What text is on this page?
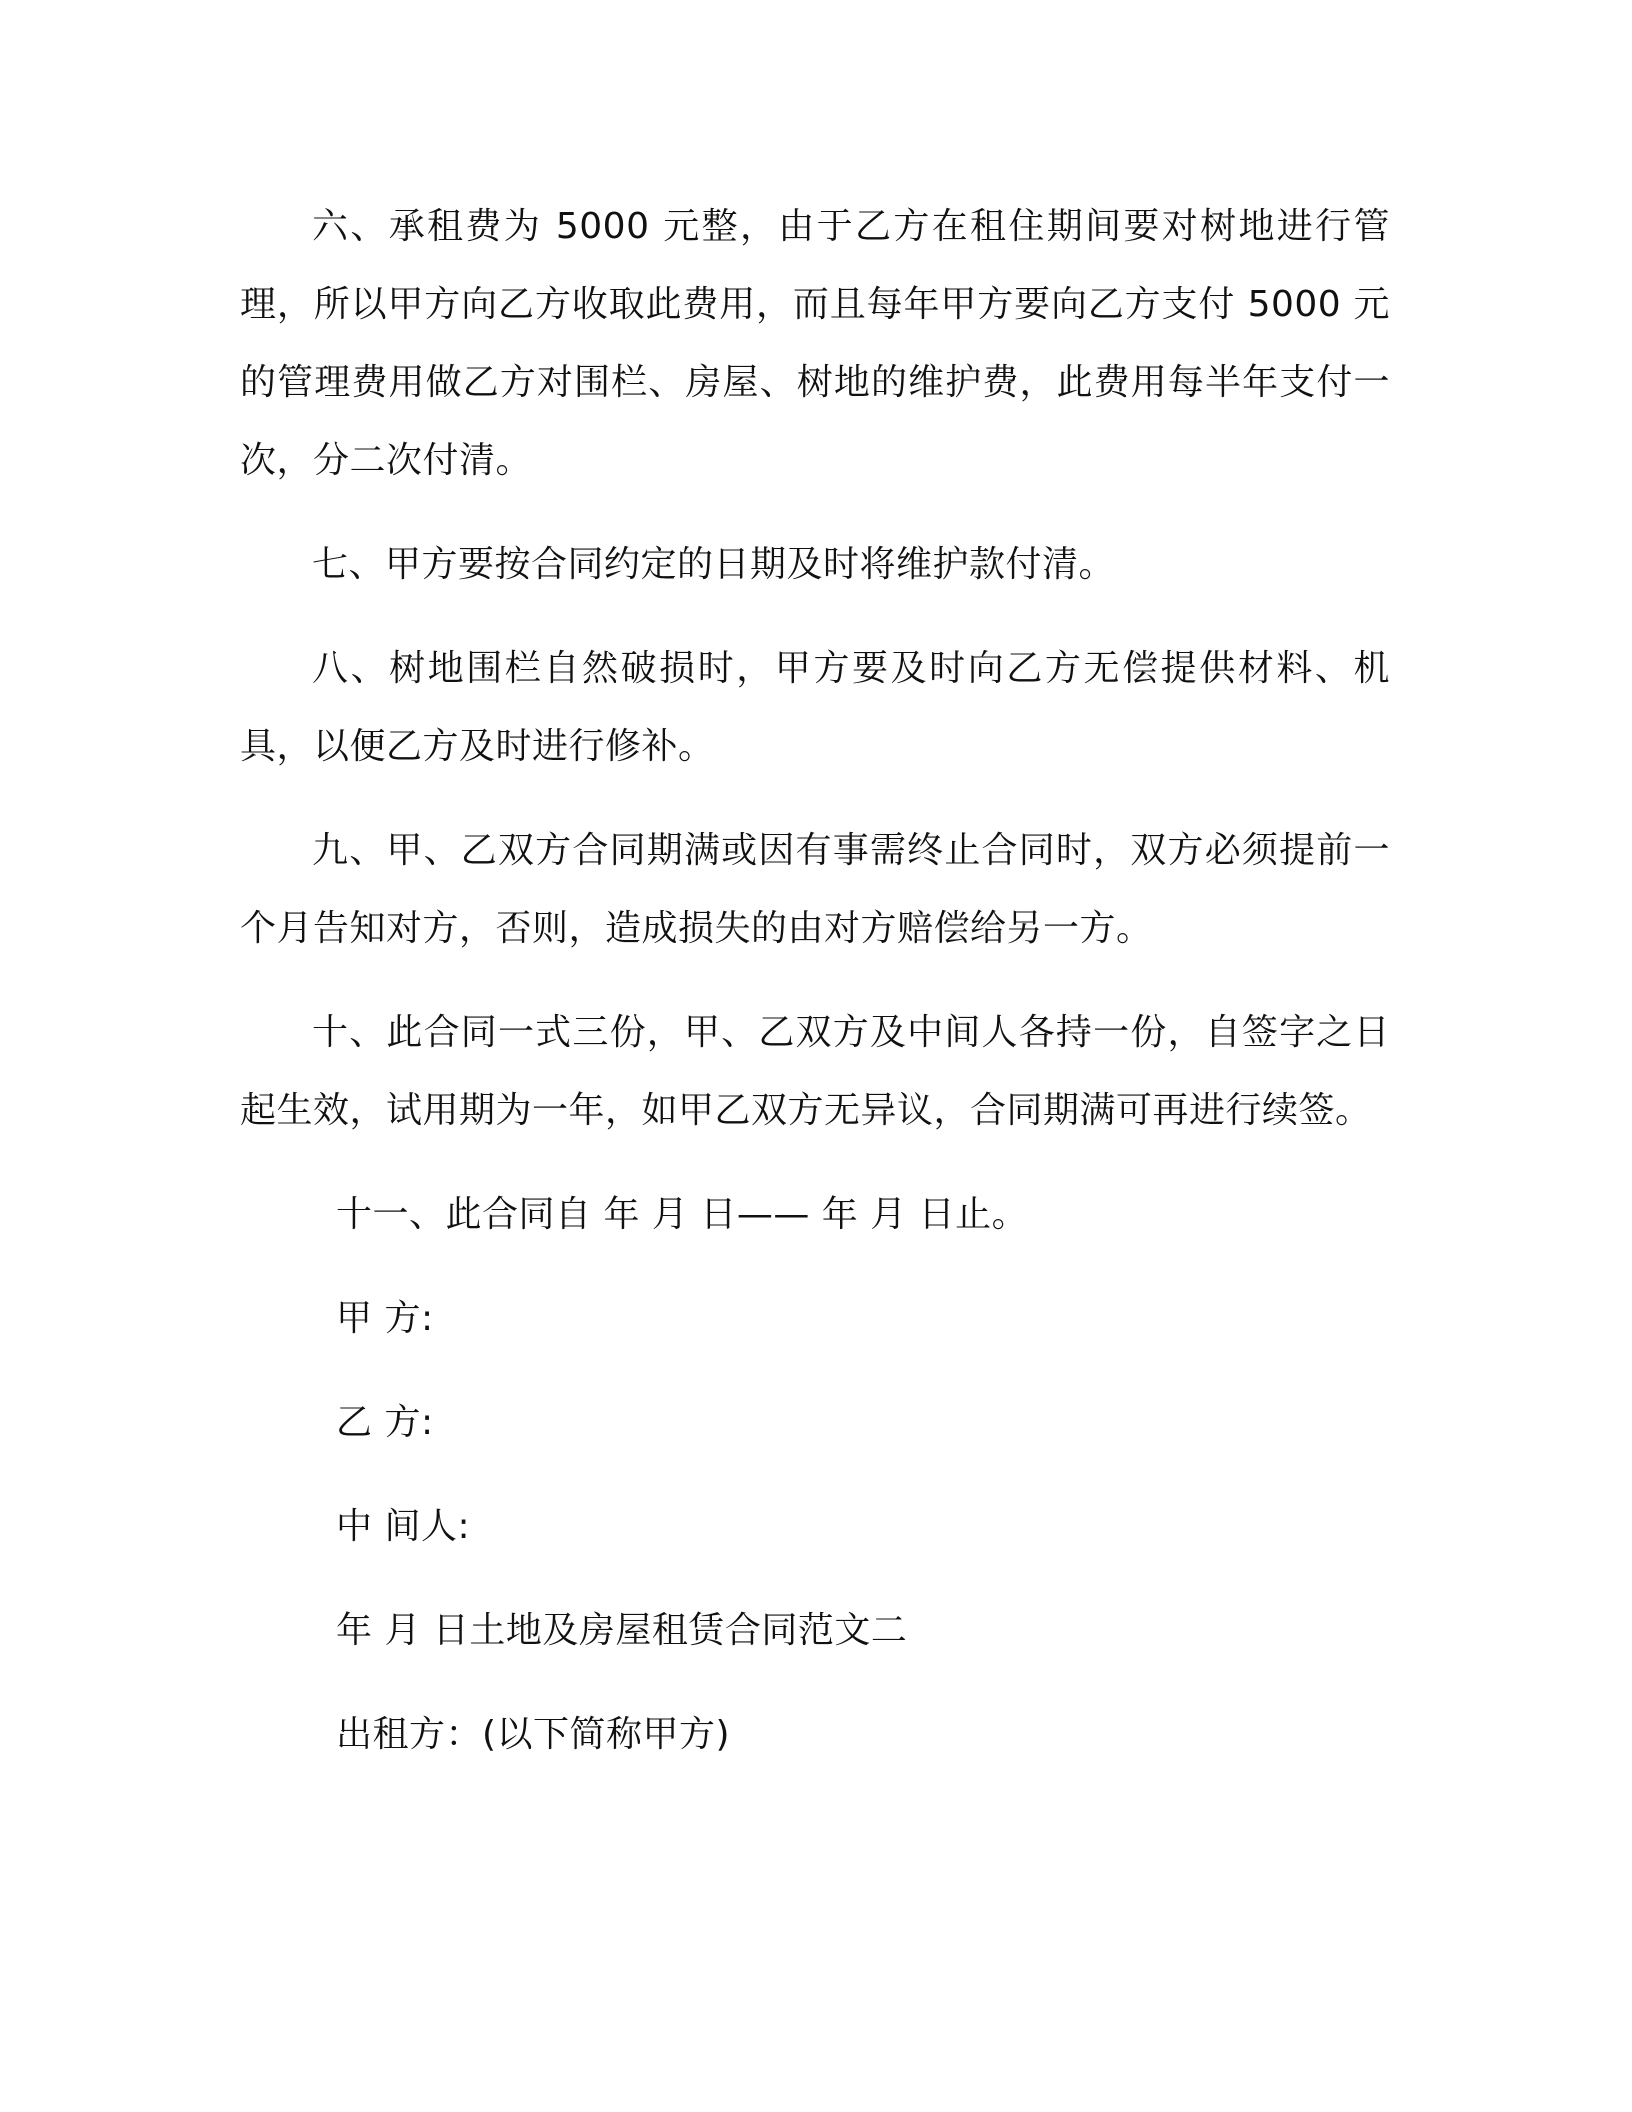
六、承租费为 5000 元整，由于乙方在租住期间要对树地进行管理，所以甲方向乙方收取此费用，而且每年甲方要向乙方支付 5000 元的管理费用做乙方对围栏、房屋、树地的维护费，此费用每半年支付一次，分二次付清。

七、甲方要按合同约定的日期及时将维护款付清。

八、树地围栏自然破损时，甲方要及时向乙方无偿提供材料、机具，以便乙方及时进行修补。

九、甲、乙双方合同期满或因有事需终止合同时，双方必须提前一个月告知对方，否则，造成损失的由对方赔偿给另一方。

十、此合同一式三份，甲、乙双方及中间人各持一份，自签字之日起生效，试用期为一年，如甲乙双方无异议，合同期满可再进行续签。

十一、此合同自 年 月 日—— 年 月 日止。

甲 方:

乙 方:

中 间人:

年 月 日土地及房屋租赁合同范文二

出租方：(以下简称甲方)
